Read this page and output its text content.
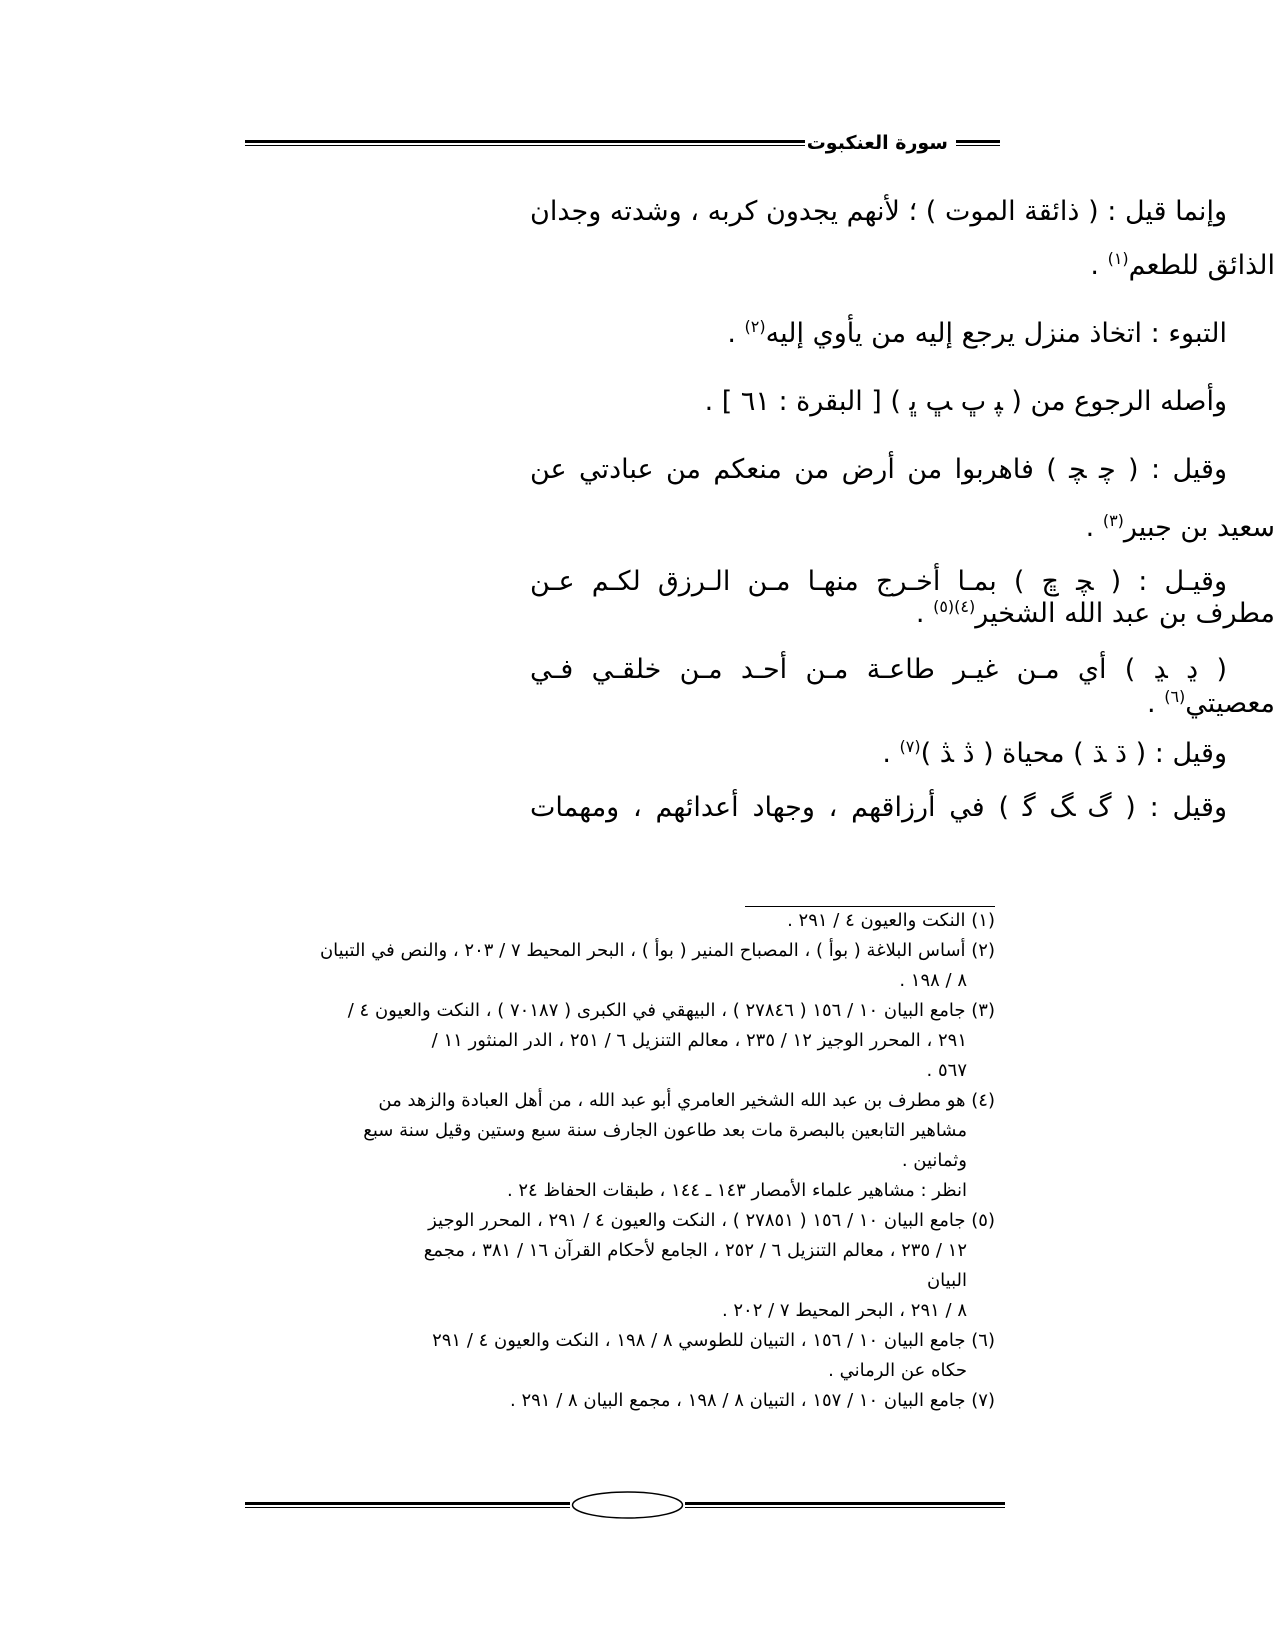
سورة العنكبوت
وإنما قيل : ( ذائقة الموت ) ؛ لأنهم يجدون كربه ، وشدته وجدان
الذائق للطعم$^{(١)}$ .
التبوء : اتخاذ منزل يرجع إليه من يأوي إليه$^{(٢)}$ .
وأصله الرجوع من ( ﭙ ﭚ ﭛ ﭜ ) [ البقرة : ٦١ ] .
وقيل : ( ﭼ ﭽ ) فاهربوا من أرض من منعكم من عبادتي عن
سعيد بن جبير$^{(٣)}$ .
وقيـل : ( ﭽ ﭾ ) بمـا أخـرج منهـا مـن الـرزق لكـم عـن
مطرف بن عبد الله الشخير$^{(٤)(٥)}$ .
( ﮂ ﮃ ) أي مـن غيـر طاعـة مـن أحـد مـن خلقـي فـي
معصيتي$^{(٦)}$ .
وقيل : ( ﮄ ﮅ ) محياة ( ﮆ ﮇ )$^{(٧)}$ .
وقيل : ( ﮒ ﮓ ﮔ ) في أرزاقهم ، وجهاد أعدائهم ، ومهمات
(١) النكت والعيون ٤ / ٢٩١ .
(٢) أساس البلاغة ( بوأ ) ، المصباح المنير ( بوأ ) ، البحر المحيط ٧ / ٢٠٣ ، والنص في التبيان
٨ / ١٩٨ .
(٣) جامع البيان ١٠ / ١٥٦ ( ٢٧٨٤٦ ) ، البيهقي في الكبرى ( ٧٠١٨٧ ) ، النكت والعيون ٤ /
٢٩١ ، المحرر الوجيز ١٢ / ٢٣٥ ، معالم التنزيل ٦ / ٢٥١ ، الدر المنثور ١١ /
٥٦٧ .
(٤) هو مطرف بن عبد الله الشخير العامري أبو عبد الله ، من أهل العبادة والزهد من
مشاهير التابعين بالبصرة مات بعد طاعون الجارف سنة سبع وستين وقيل سنة سبع
وثمانين .
انظر : مشاهير علماء الأمصار ١٤٣ ـ ١٤٤ ، طبقات الحفاظ ٢٤ .
(٥) جامع البيان ١٠ / ١٥٦ ( ٢٧٨٥١ ) ، النكت والعيون ٤ / ٢٩١ ، المحرر الوجيز
١٢ / ٢٣٥ ، معالم التنزيل ٦ / ٢٥٢ ، الجامع لأحكام القرآن ١٦ / ٣٨١ ، مجمع
البيان
٨ / ٢٩١ ، البحر المحيط ٧ / ٢٠٢ .
(٦) جامع البيان ١٠ / ١٥٦ ، التبيان للطوسي ٨ / ١٩٨ ، النكت والعيون ٤ / ٢٩١
حكاه عن الرماني .
(٧) جامع البيان ١٠ / ١٥٧ ، التبيان ٨ / ١٩٨ ، مجمع البيان ٨ / ٢٩١ .
